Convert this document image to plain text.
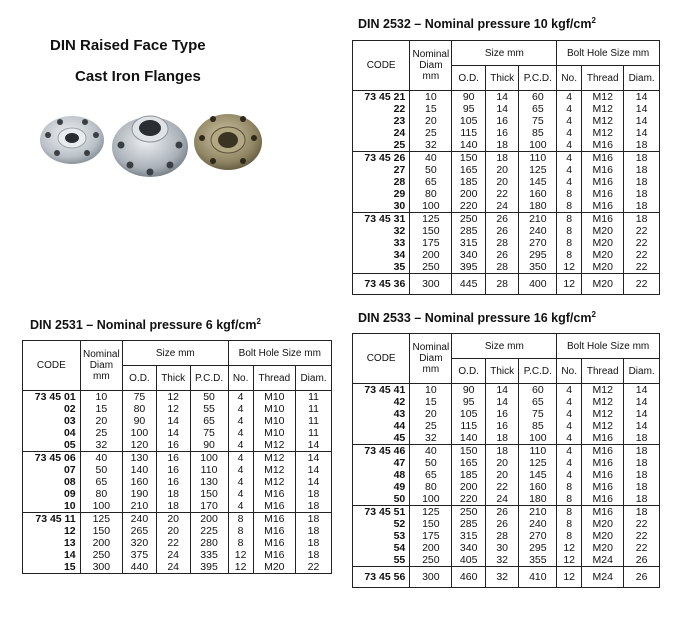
DIN Raised Face Type
Cast Iron Flanges
DIN 2532 – Nominal pressure 10 kgf/$cm^2$
DIN 2531 – Nominal pressure 6 kgf/$cm^2$	DIN 2533 – Nominal pressure 16 kgf/$cm^2$
CODE	Nominal
Diam
mm	Size mm			Bolt Hole Size mm		
		O.D.	Thick	P.C.D.	No.	Thread	Diam.
73 45 21	10	90	14	60	4	M12	14
22	15	95	14	65	4	M12	14
23	20	105	16	75	4	M12	14
24	25	115	16	85	4	M12	14
25	32	140	18	100	4	M16	18
73 45 26	40	150	18	110	4	M16	18
27	50	165	20	125	4	M16	18
28	65	185	20	145	4	M16	18
29	80	200	22	160	8	M16	18
30	100	220	24	180	8	M16	18
73 45 31	125	250	26	210	8	M16	18
32	150	285	26	240	8	M20	22
33	175	315	28	270	8	M20	22
34	200	340	26	295	8	M20	22
35	250	395	28	350	12	M20	22
73 45 36	300	445	28	400	12	M20	22
CODE	Nominal
Diam
mm	Size mm			Bolt Hole Size mm		
		O.D.	Thick	P.C.D.	No.	Thread	Diam.
73 45 01	10	75	12	50	4	M10	11
02	15	80	12	55	4	M10	11
03	20	90	14	65	4	M10	11
04	25	100	14	75	4	M10	11
05	32	120	16	90	4	M12	14
73 45 06	40	130	16	100	4	M12	14
07	50	140	16	110	4	M12	14
08	65	160	16	130	4	M12	14
09	80	190	18	150	4	M16	18
10	100	210	18	170	4	M16	18
73 45 11	125	240	20	200	8	M16	18
12	150	265	20	225	8	M16	18
13	200	320	22	280	8	M16	18
14	250	375	24	335	12	M16	18
15	300	440	24	395	12	M20	22
CODE	Nominal
Diam
mm	Size mm			Bolt Hole Size mm		
		O.D.	Thick	P.C.D.	No.	Thread	Diam.
73 45 41	10	90	14	60	4	M12	14
42	15	95	14	65	4	M12	14
43	20	105	16	75	4	M12	14
44	25	115	16	85	4	M12	14
45	32	140	18	100	4	M16	18
73 45 46	40	150	18	110	4	M16	18
47	50	165	20	125	4	M16	18
48	65	185	20	145	4	M16	18
49	80	200	22	160	8	M16	18
50	100	220	24	180	8	M16	18
73 45 51	125	250	26	210	8	M16	18
52	150	285	26	240	8	M20	22
53	175	315	28	270	8	M20	22
54	200	340	30	295	12	M20	22
55	250	405	32	355	12	M24	26
73 45 56	300	460	32	410	12	M24	26
